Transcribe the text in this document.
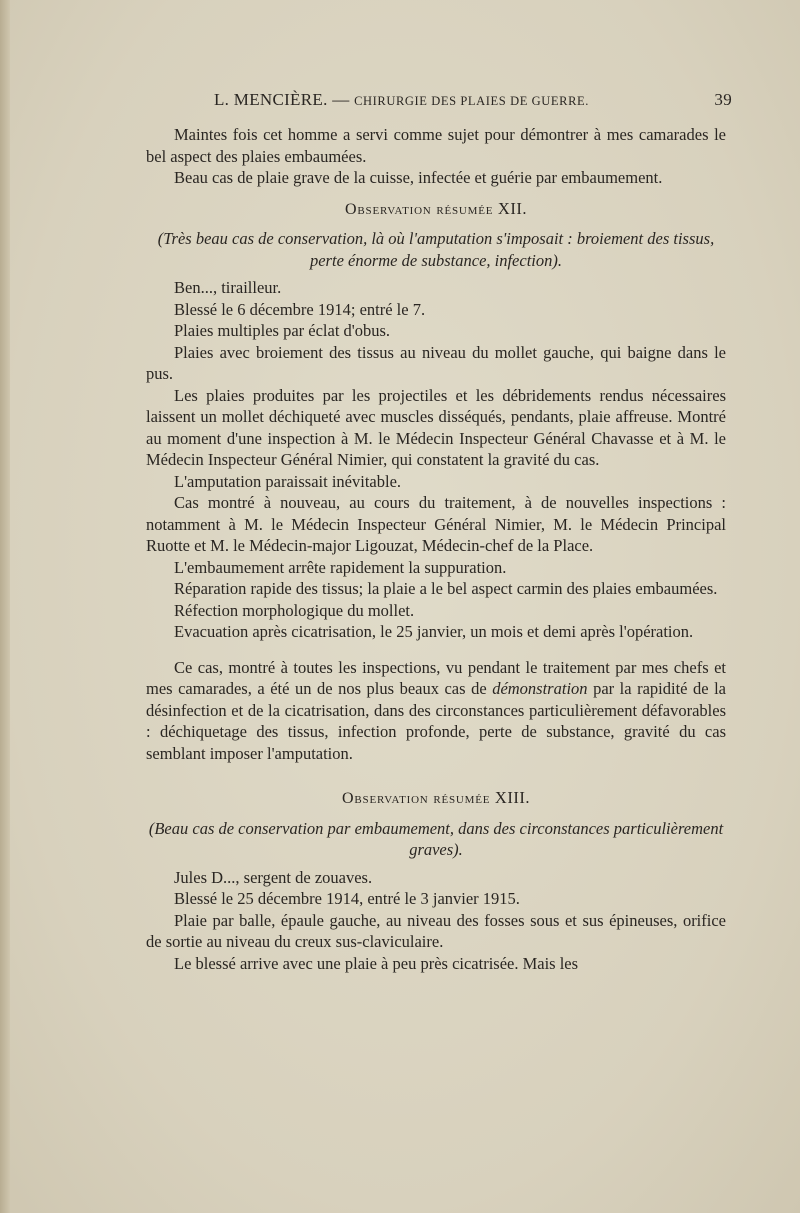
L. MENCIÈRE. — CHIRURGIE DES PLAIES DE GUERRE.	39

Maintes fois cet homme a servi comme sujet pour démontrer à mes camarades le bel aspect des plaies embaumées.

Beau cas de plaie grave de la cuisse, infectée et guérie par embaumement.

Observation résumée XII.

(Très beau cas de conservation, là où l'amputation s'imposait : broiement des tissus, perte énorme de substance, infection).

Ben..., tirailleur.

Blessé le 6 décembre 1914; entré le 7.

Plaies multiples par éclat d'obus.

Plaies avec broiement des tissus au niveau du mollet gauche, qui baigne dans le pus.

Les plaies produites par les projectiles et les débridements rendus nécessaires laissent un mollet déchiqueté avec muscles disséqués, pendants, plaie affreuse. Montré au moment d'une inspection à M. le Médecin Inspecteur Général Chavasse et à M. le Médecin Inspecteur Général Nimier, qui constatent la gravité du cas.

L'amputation paraissait inévitable.

Cas montré à nouveau, au cours du traitement, à de nouvelles inspections : notamment à M. le Médecin Inspecteur Général Nimier, M. le Médecin Principal Ruotte et M. le Médecin-major Ligouzat, Médecin-chef de la Place.

L'embaumement arrête rapidement la suppuration.

Réparation rapide des tissus; la plaie a le bel aspect carmin des plaies embaumées.

Réfection morphologique du mollet.

Evacuation après cicatrisation, le 25 janvier, un mois et demi après l'opération.

Ce cas, montré à toutes les inspections, vu pendant le traitement par mes chefs et mes camarades, a été un de nos plus beaux cas de démonstration par la rapidité de la désinfection et de la cicatrisation, dans des circonstances particulièrement défavorables : déchiquetage des tissus, infection profonde, perte de substance, gravité du cas semblant imposer l'amputation.

Observation résumée XIII.

(Beau cas de conservation par embaumement, dans des circonstances particulièrement graves).

Jules D..., sergent de zouaves.

Blessé le 25 décembre 1914, entré le 3 janvier 1915.

Plaie par balle, épaule gauche, au niveau des fosses sous et sus épineuses, orifice de sortie au niveau du creux sus-claviculaire.

Le blessé arrive avec une plaie à peu près cicatrisée. Mais les
